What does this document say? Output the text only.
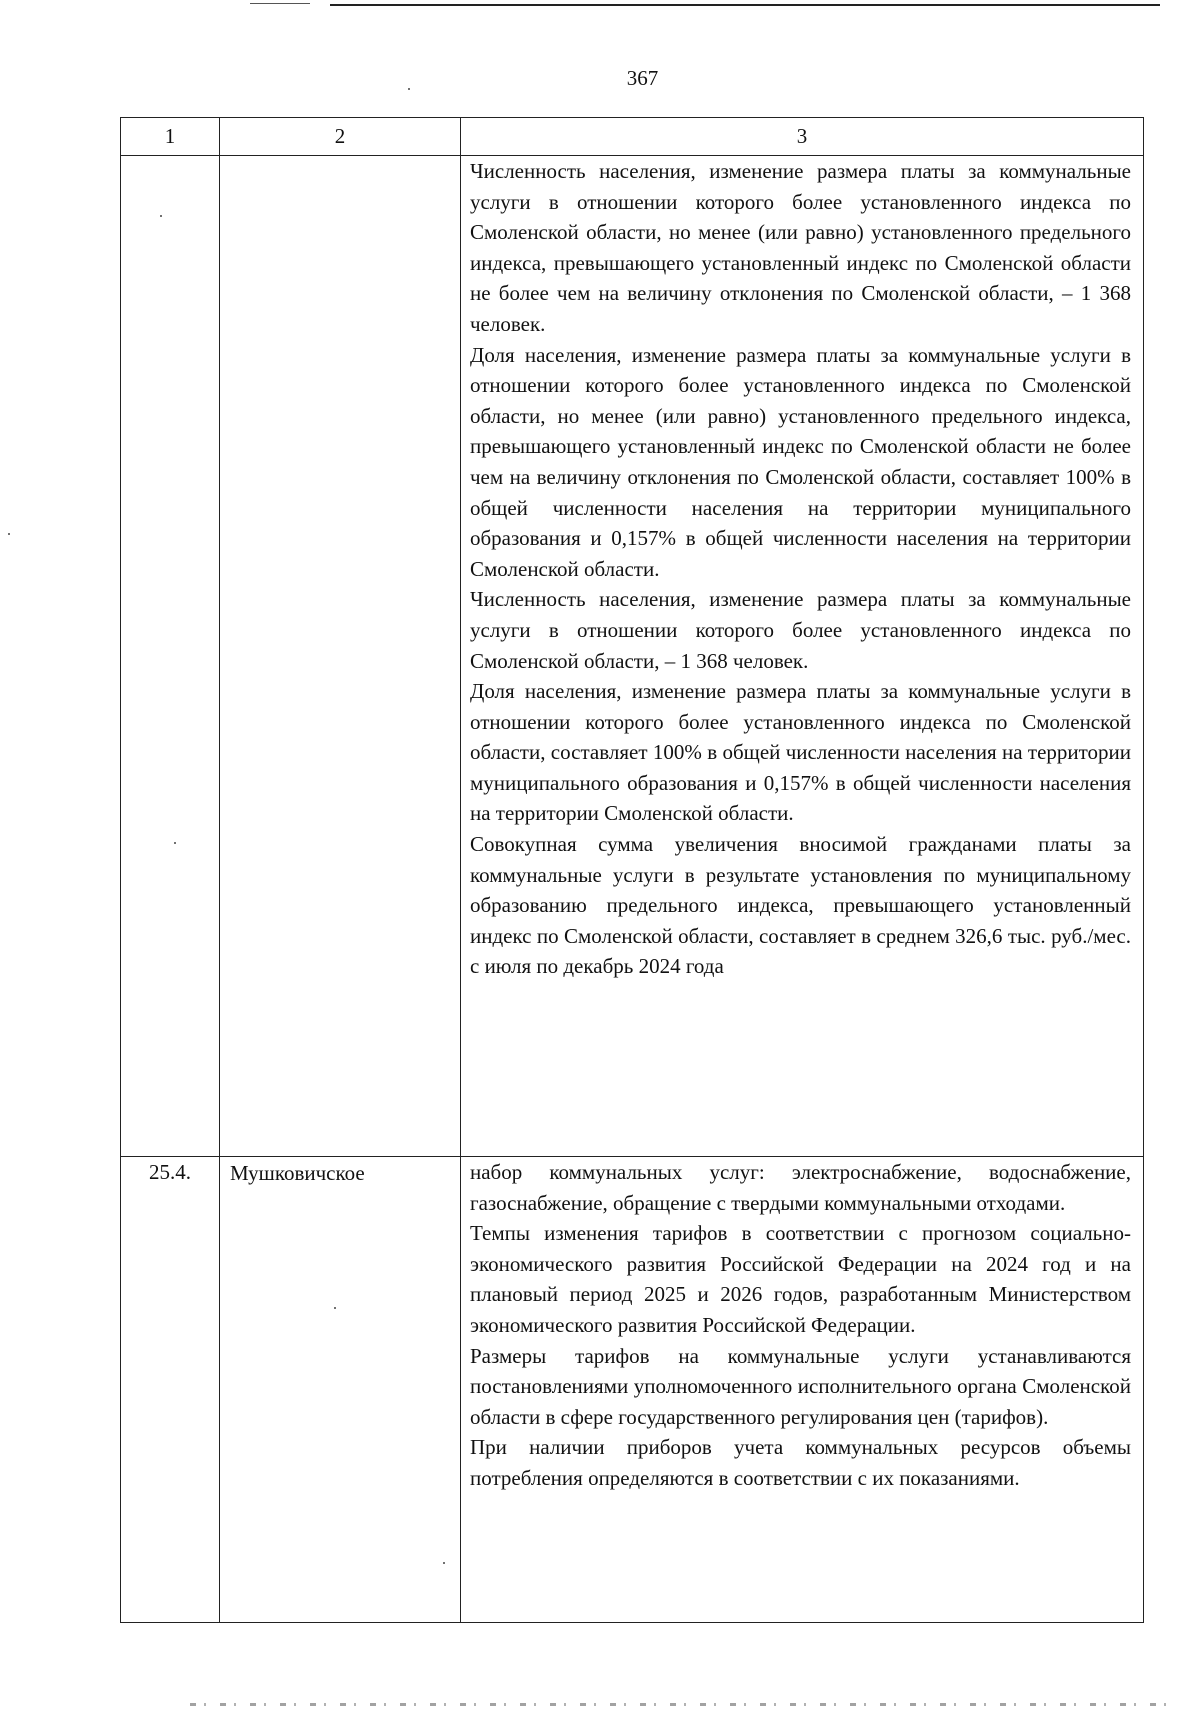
367
1	2	3

		Численность населения, изменение размера платы за коммунальные услуги в отношении которого более установленного индекса по Смоленской области, но менее (или равно) установленного предельного индекса, превышающего установленный индекс по Смоленской области не более чем на величину отклонения по Смоленской области, – 1 368 человек.

Доля населения, изменение размера платы за коммунальные услуги в отношении которого более установленного индекса по Смоленской области, но менее (или равно) установленного предельного индекса, превышающего установленный индекс по Смоленской области не более чем на величину отклонения по Смоленской области, составляет 100% в общей численности населения на территории муниципального образования и 0,157% в общей численности населения на территории Смоленской области.

Численность населения, изменение размера платы за коммунальные услуги в отношении которого более установленного индекса по Смоленской области, – 1 368 человек.

Доля населения, изменение размера платы за коммунальные услуги в отношении которого более установленного индекса по Смоленской области, составляет 100% в общей численности населения на территории муниципального образования и 0,157% в общей численности населения на территории Смоленской области.

Совокупная сумма увеличения вносимой гражданами платы за коммунальные услуги в результате установления по муниципальному образованию предельного индекса, превышающего установленный индекс по Смоленской области, составляет в среднем 326,6 тыс. руб./мес. с июля по декабрь 2024 года

25.4.	Мушковичское	набор коммунальных услуг: электроснабжение, водоснабжение, газоснабжение, обращение с твердыми коммунальными отходами.

Темпы изменения тарифов в соответствии с прогнозом социально-экономического развития Российской Федерации на 2024 год и на плановый период 2025 и 2026 годов, разработанным Министерством экономического развития Российской Федерации.

Размеры тарифов на коммунальные услуги устанавливаются постановлениями уполномоченного исполнительного органа Смоленской области в сфере государственного регулирования цен (тарифов).

При наличии приборов учета коммунальных ресурсов объемы потребления определяются в соответствии с их показаниями.
